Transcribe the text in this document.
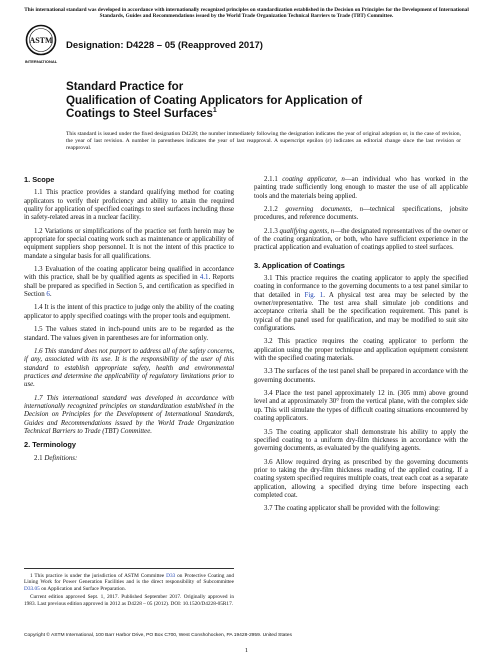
This international standard was developed in accordance with internationally recognized principles on standardization established in the Decision on Principles for the Development of International Standards, Guides and Recommendations issued by the World Trade Organization Technical Barriers to Trade (TBT) Committee.
ASTM
INTERNATIONAL
Designation: D4228 – 05 (Reapproved 2017)
Standard Practice for
Qualification of Coating Applicators for Application of
Coatings to Steel Surfaces$^1$
This standard is issued under the fixed designation D4228; the number immediately following the designation indicates the year of original adoption or, in the case of revision, the year of last revision. A number in parentheses indicates the year of last reapproval. A superscript epsilon (ε) indicates an editorial change since the last revision or reapproval.
1. Scope

1.1 This practice provides a standard qualifying method for coating applicators to verify their proficiency and ability to attain the required quality for application of specified coatings to steel surfaces including those in safety-related areas in a nuclear facility.

1.2 Variations or simplifications of the practice set forth herein may be appropriate for special coating work such as maintenance or applicability of equipment suppliers shop personnel. It is not the intent of this practice to mandate a singular basis for all qualifications.

1.3 Evaluation of the coating applicator being qualified in accordance with this practice, shall be by qualified agents as specified in 4.1. Reports shall be prepared as specified in Section 5, and certification as specified in Section 6.

1.4 It is the intent of this practice to judge only the ability of the coating applicator to apply specified coatings with the proper tools and equipment.

1.5 The values stated in inch-pound units are to be regarded as the standard. The values given in parentheses are for information only.

1.6 This standard does not purport to address all of the safety concerns, if any, associated with its use. It is the responsibility of the user of this standard to establish appropriate safety, health and environmental practices and determine the applicability of regulatory limitations prior to use.

1.7 This international standard was developed in accordance with internationally recognized principles on standardization established in the Decision on Principles for the Development of International Standards, Guides and Recommendations issued by the World Trade Organization Technical Barriers to Trade (TBT) Committee.

2. Terminology

2.1 Definitions:

2.1.1 coating applicator, n—an individual who has worked in the painting trade sufficiently long enough to master the use of all applicable tools and the materials being applied.

2.1.2 governing documents, n—technical specifications, jobsite procedures, and reference documents.

2.1.3 qualifying agents, n—the designated representatives of the owner or of the coating organization, or both, who have sufficient experience in the practical application and evaluation of coatings applied to steel surfaces.

3. Application of Coatings

3.1 This practice requires the coating applicator to apply the specified coating in conformance to the governing documents to a test panel similar to that detailed in Fig. 1. A physical test area may be selected by the owner/representative. The test area shall simulate job conditions and acceptance criteria shall be the specification requirement. This panel is typical of the panel used for qualification, and may be modified to suit site configurations.

3.2 This practice requires the coating applicator to perform the application using the proper technique and application equipment consistent with the specified coating materials.

3.3 The surfaces of the test panel shall be prepared in accordance with the governing documents.

3.4 Place the test panel approximately 12 in. (305 mm) above ground level and at approximately 30° from the vertical plane, with the complex side up. This will simulate the types of difficult coating situations encountered by coating applicators.

3.5 The coating applicator shall demonstrate his ability to apply the specified coating to a uniform dry-film thickness in accordance with the governing documents, as evaluated by the qualifying agents.

3.6 Allow required drying as prescribed by the governing documents prior to taking the dry-film thickness reading of the applied coating. If a coating system specified requires multiple coats, treat each coat as a separate application, allowing a specified drying time before inspecting each completed coat.

3.7 The coating applicator shall be provided with the following:

1 This practice is under the jurisdiction of ASTM Committee D33 on Protective Coating and Lining Work for Power Generation Facilities and is the direct responsibility of Subcommittee D33.05 on Application and Surface Preparation.

Current edition approved Sept. 1, 2017. Published September 2017. Originally approved in 1983. Last previous edition approved in 2012 as D4228 – 05 (2012). DOI: 10.1520/D4228-05R17.

Copyright © ASTM International, 100 Barr Harbor Drive, PO Box C700, West Conshohocken, PA 19428-2959. United States
1
